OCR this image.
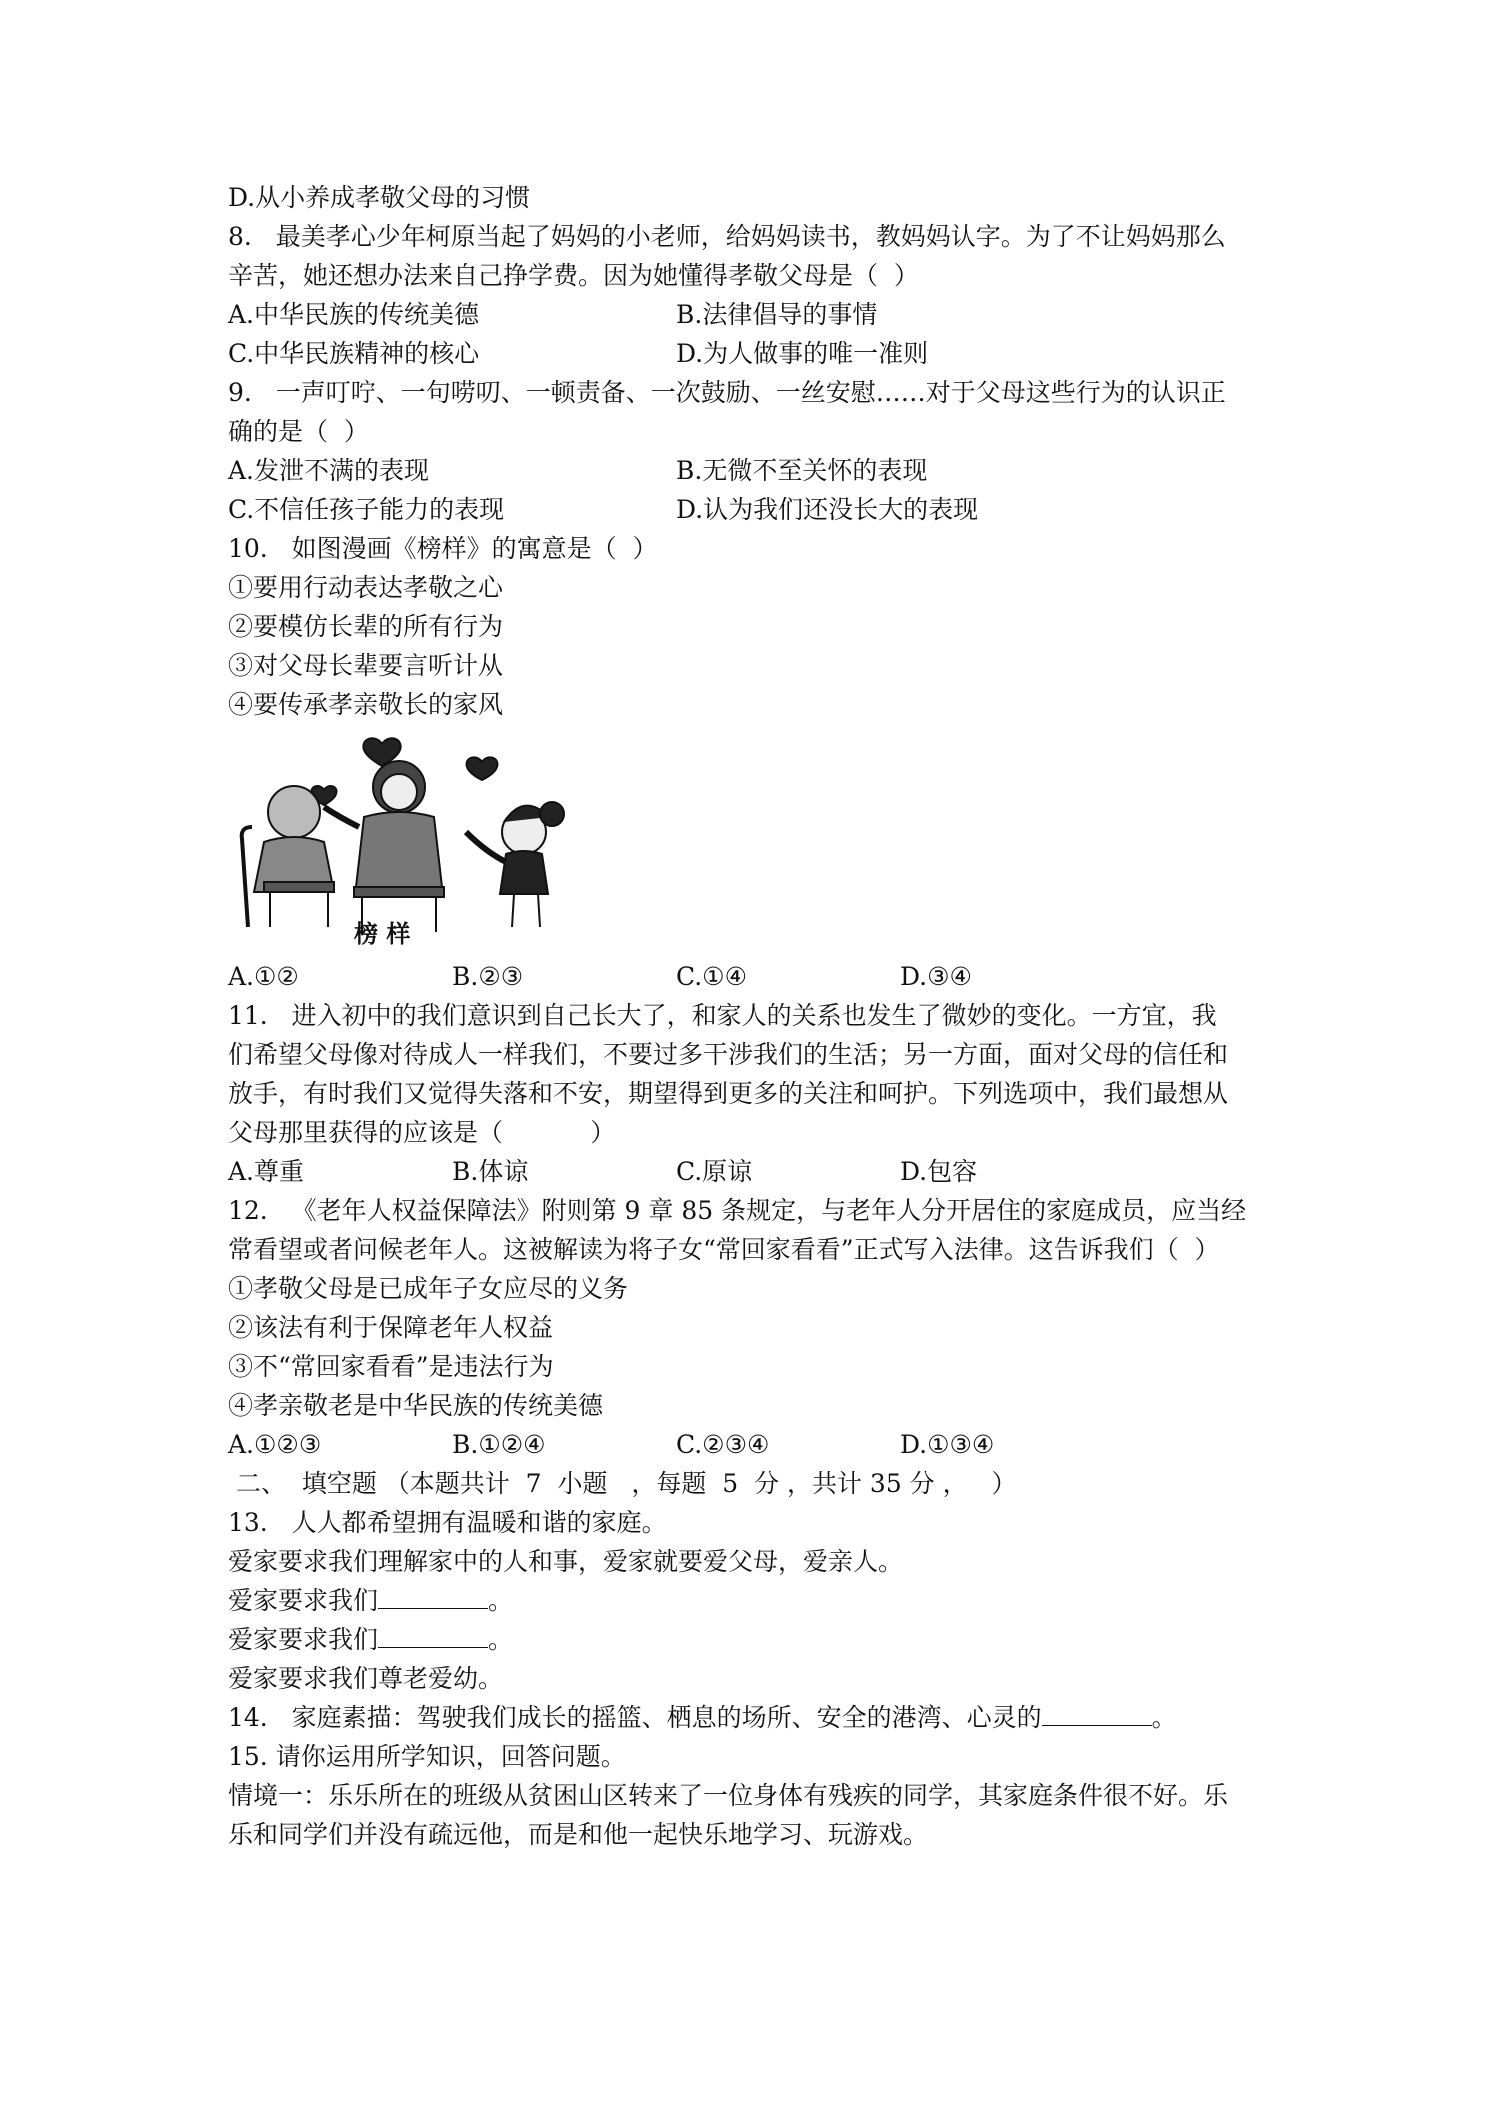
D.从小养成孝敬父母的习惯
8.   最美孝心少年柯原当起了妈妈的小老师，给妈妈读书，教妈妈认字。为了不让妈妈那么
辛苦，她还想办法来自己挣学费。因为她懂得孝敬父母是（  ）
A.中华民族的传统美德	B.法律倡导的事情
C.中华民族精神的核心	D.为人做事的唯一准则
9.   一声叮咛、一句唠叨、一顿责备、一次鼓励、一丝安慰……对于父母这些行为的认识正
确的是（  ）
A.发泄不满的表现	B.无微不至关怀的表现
C.不信任孩子能力的表现	D.认为我们还没长大的表现
10.   如图漫画《榜样》的寓意是（  ）
①要用行动表达孝敬之心
②要模仿长辈的所有行为
③对父母长辈要言听计从
④要传承孝亲敬长的家风
榜 样
A.①②	B.②③	C.①④	D.③④
11.   进入初中的我们意识到自己长大了，和家人的关系也发生了微妙的变化。一方宜，我
们希望父母像对待成人一样我们，不要过多干涉我们的生活；另一方面，面对父母的信任和
放手，有时我们又觉得失落和不安，期望得到更多的关注和呵护。下列选项中，我们最想从
父母那里获得的应该是（           ）
A.尊重	B.体谅	C.原谅	D.包容
12.   《老年人权益保障法》附则第 9 章 85 条规定，与老年人分开居住的家庭成员，应当经
常看望或者问候老年人。这被解读为将子女“常回家看看”正式写入法律。这告诉我们（  ）
①孝敬父母是已成年子女应尽的义务
②该法有利于保障老年人权益
③不“常回家看看”是违法行为
④孝亲敬老是中华民族的传统美德
A.①②③	B.①②④	C.②③④	D.①③④
二、  填空题 （本题共计  7  小题   ，每题  5  分 ，共计 35 分 ，   ）
13.   人人都希望拥有温暖和谐的家庭。
爱家要求我们理解家中的人和事，爱家就要爱父母，爱亲人。
爱家要求我们	。
爱家要求我们	。
爱家要求我们尊老爱幼。
14.   家庭素描：驾驶我们成长的摇篮、栖息的场所、安全的港湾、心灵的	。
15. 请你运用所学知识，回答问题。
情境一：乐乐所在的班级从贫困山区转来了一位身体有残疾的同学，其家庭条件很不好。乐
乐和同学们并没有疏远他，而是和他一起快乐地学习、玩游戏。
